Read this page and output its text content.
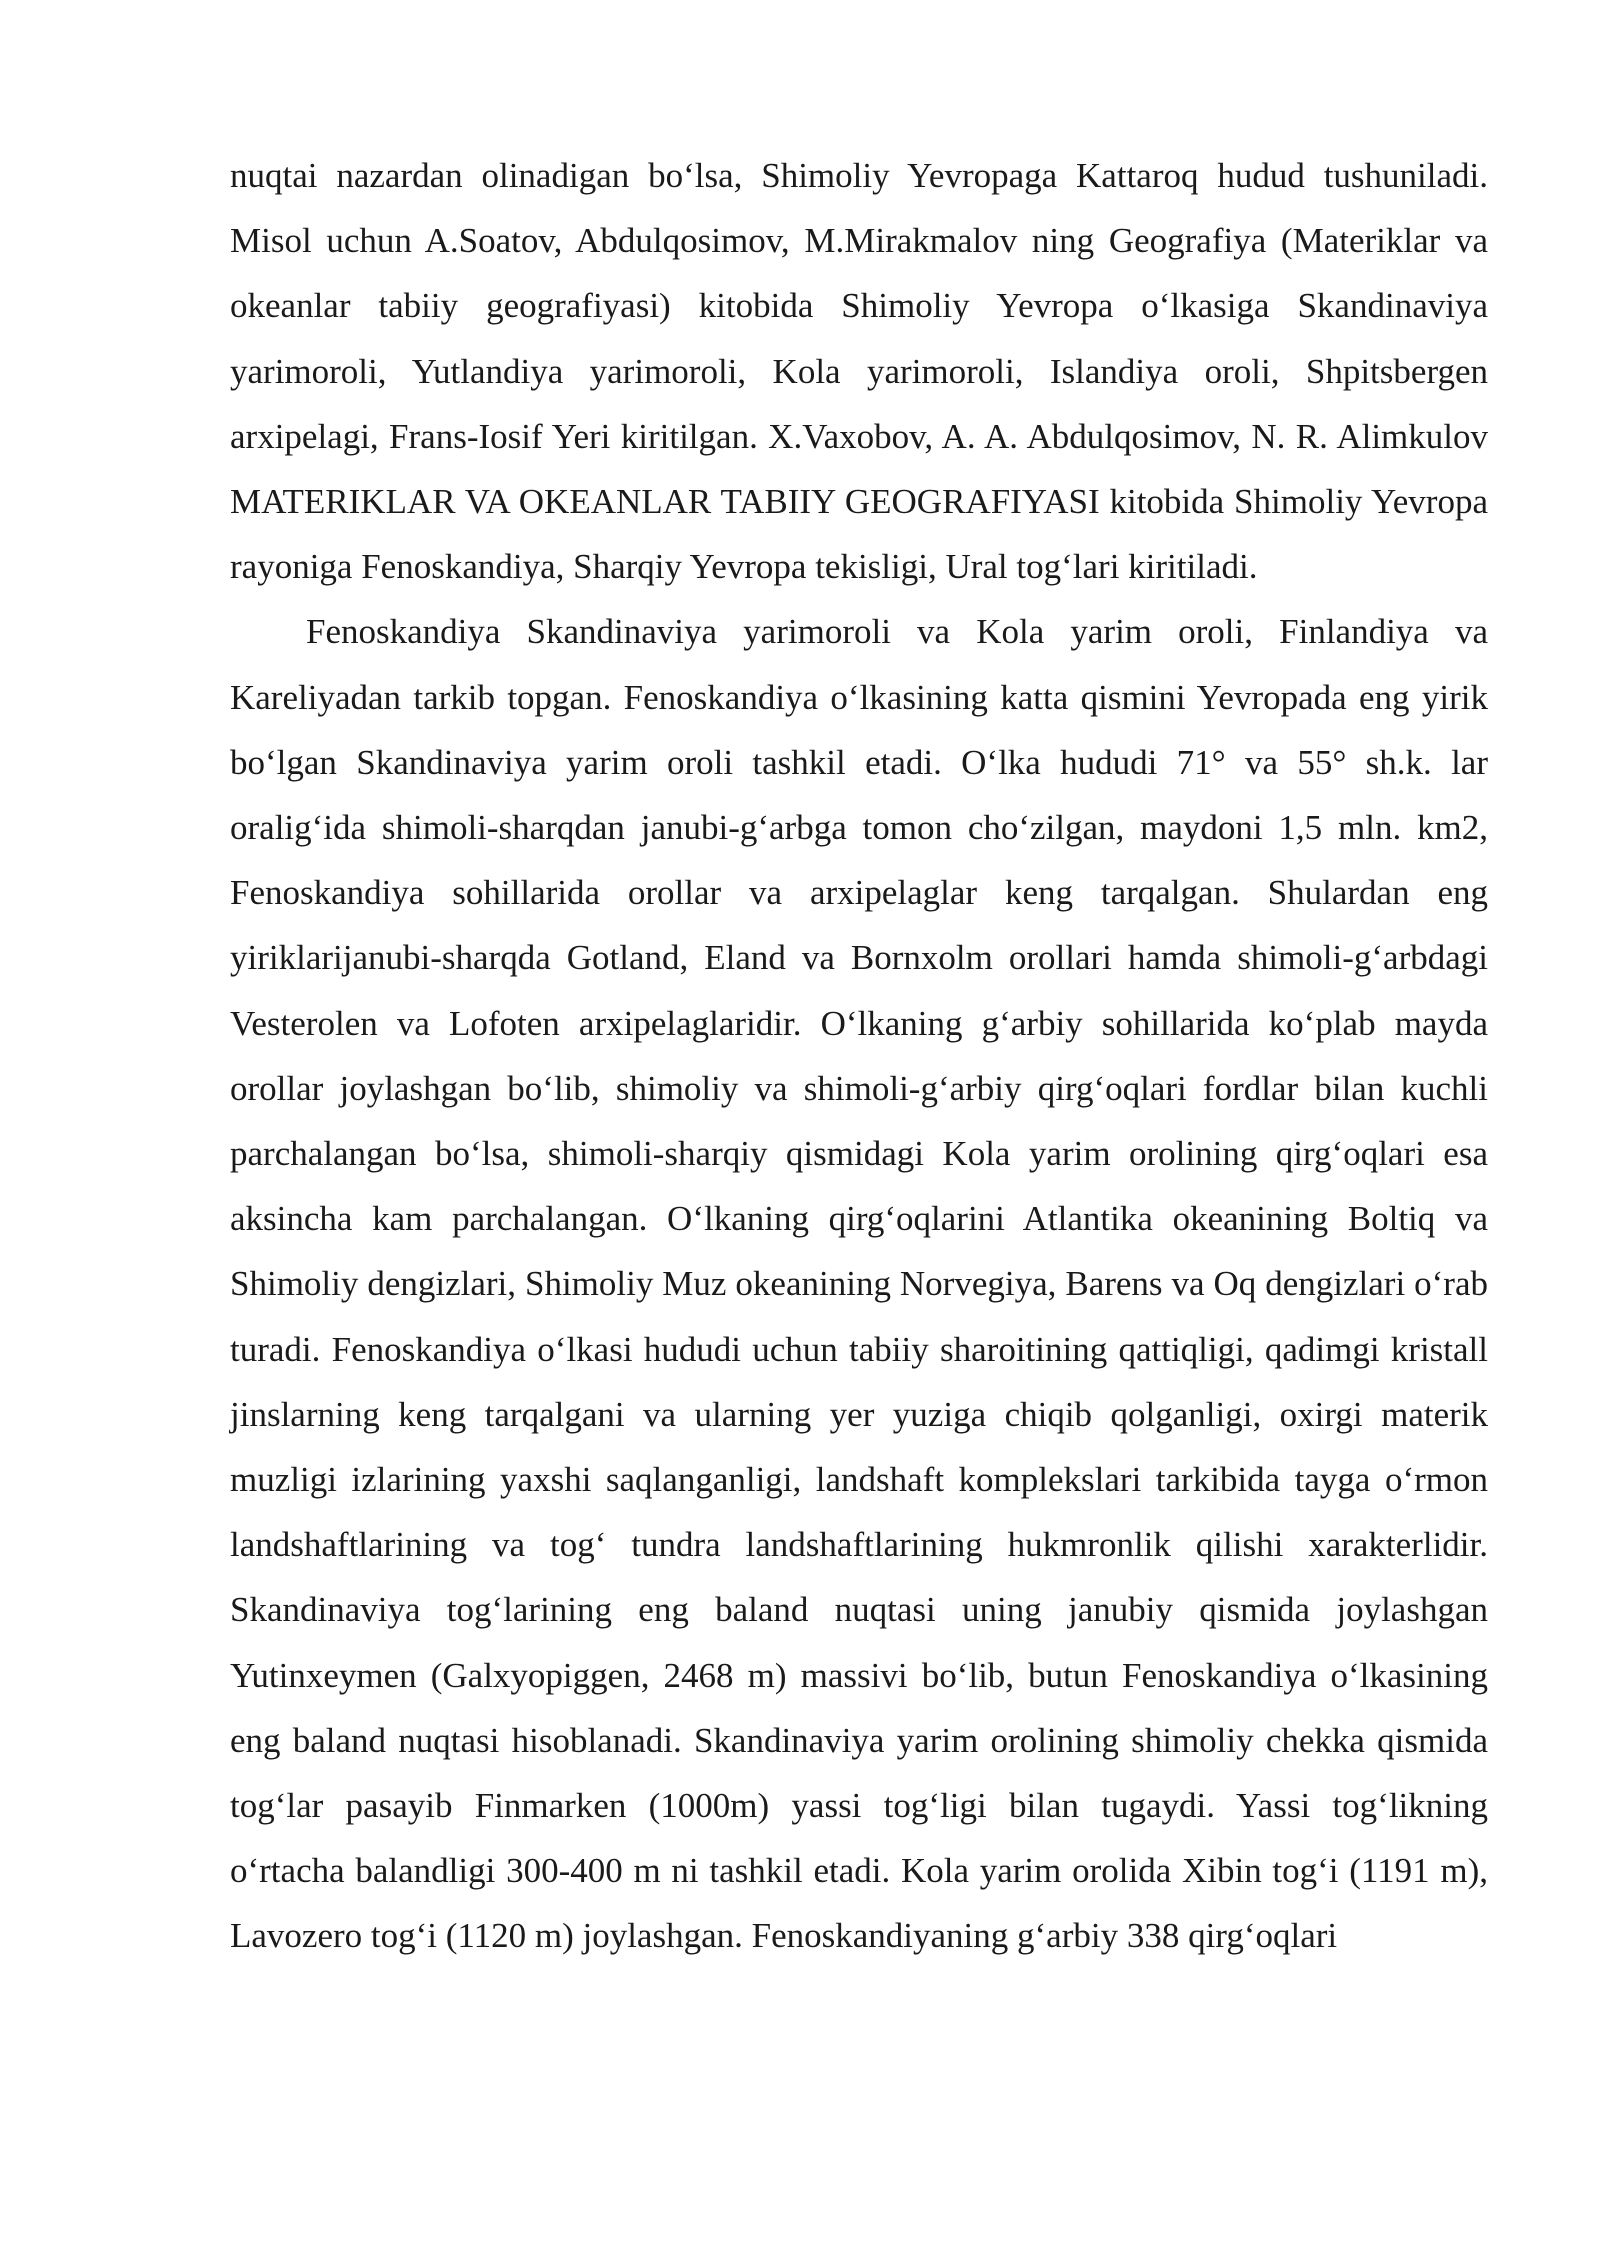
nuqtai nazardan olinadigan bo‘lsa, Shimoliy Yevropaga Kattaroq hudud tushuniladi. Misol uchun A.Soatov, Abdulqosimov, M.Mirakmalov ning Geografiya (Materiklar va okeanlar tabiiy geografiyasi) kitobida Shimoliy Yevropa o‘lkasiga Skandinaviya yarimoroli, Yutlandiya yarimoroli, Kola yarimoroli, Islandiya oroli, Shpitsbergen arxipelagi, Frans-Iosif Yeri kiritilgan. X.Vaxobov, A. A. Abdulqosimov, N. R. Alimkulov MATERIKLAR VA OKEANLAR TABIIY GEOGRAFIYASI kitobida Shimoliy Yevropa rayoniga Fenoskandiya, Sharqiy Yevropa tekisligi, Ural tog‘lari kiritiladi.

Fenoskandiya Skandinaviya yarimoroli va Kola yarim oroli, Finlandiya va Kareliyadan tarkib topgan. Fenoskandiya o‘lkasining katta qismini Yevropada eng yirik bo‘lgan Skandinaviya yarim oroli tashkil etadi. O‘lka hududi 71° va 55° sh.k. lar oralig‘ida shimoli-sharqdan janubi-g‘arbga tomon cho‘zilgan, maydoni 1,5 mln. km2, Fenoskandiya sohillarida orollar va arxipelaglar keng tarqalgan. Shulardan eng yiriklarijanubi-sharqda Gotland, Eland va Bornxolm orollari hamda shimoli-g‘arbdagi Vesterolen va Lofoten arxipelaglaridir. O‘lkaning g‘arbiy sohillarida ko‘plab mayda orollar joylashgan bo‘lib, shimoliy va shimoli-g‘arbiy qirg‘oqlari fordlar bilan kuchli parchalangan bo‘lsa, shimoli-sharqiy qismidagi Kola yarim orolining qirg‘oqlari esa aksincha kam parchalangan. O‘lkaning qirg‘oqlarini Atlantika okeanining Boltiq va Shimoliy dengizlari, Shimoliy Muz okeanining Norvegiya, Barens va Oq dengizlari o‘rab turadi. Fenoskandiya o‘lkasi hududi uchun tabiiy sharoitining qattiqligi, qadimgi kristall jinslarning keng tarqalgani va ularning yer yuziga chiqib qolganligi, oxirgi materik muzligi izlarining yaxshi saqlanganligi, landshaft komplekslari tarkibida tayga o‘rmon landshaftlarining va tog‘ tundra landshaftlarining hukmronlik qilishi xarakterlidir. Skandinaviya tog‘larining eng baland nuqtasi uning janubiy qismida joylashgan Yutinxeymen (Galxyopiggen, 2468 m) massivi bo‘lib, butun Fenoskandiya o‘lkasining eng baland nuqtasi hisoblanadi. Skandinaviya yarim orolining shimoliy chekka qismida tog‘lar pasayib Finmarken (1000m) yassi tog‘ligi bilan tugaydi. Yassi tog‘likning o‘rtacha balandligi 300-400 m ni tashkil etadi. Kola yarim orolida Xibin tog‘i (1191 m), Lavozero tog‘i (1120 m) joylashgan. Fenoskandiyaning g‘arbiy 338 qirg‘oqlari
